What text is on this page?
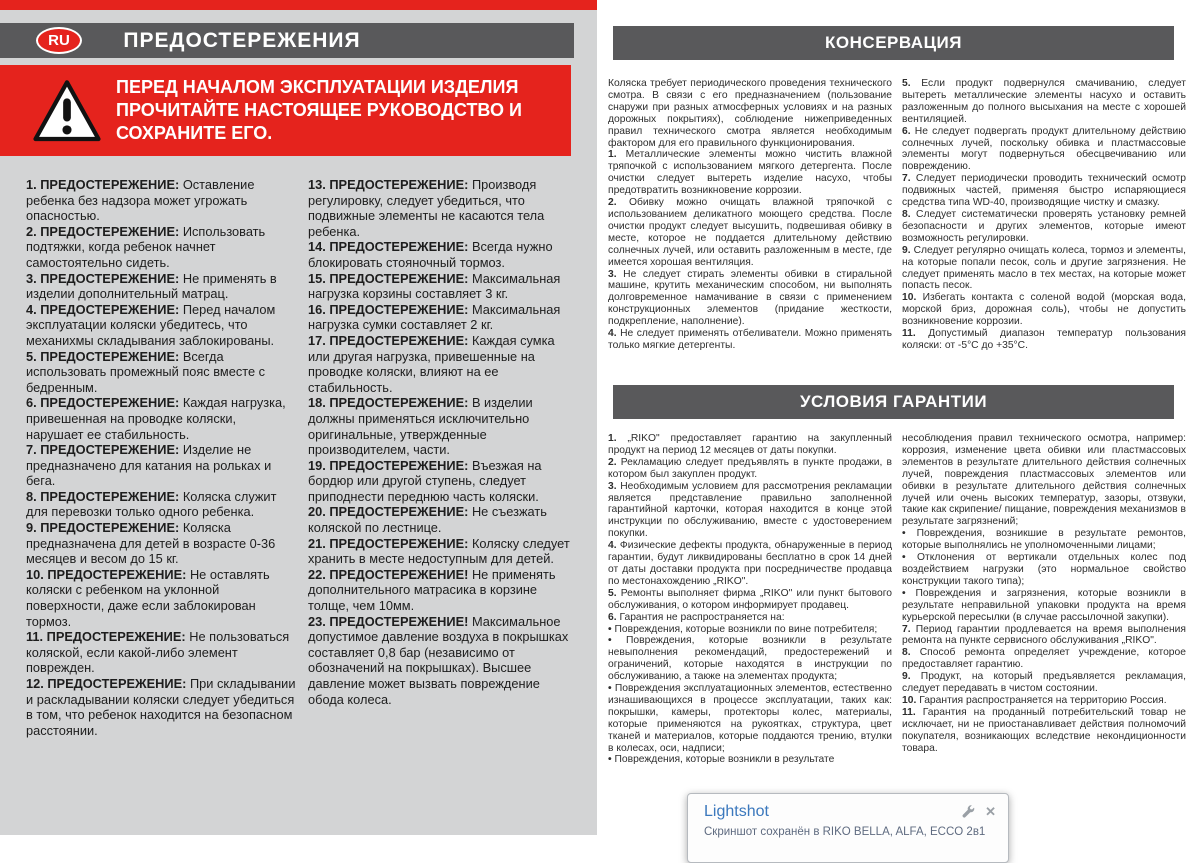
RU	ПРЕДОСТЕРЕЖЕНИЯ

ПЕРЕД НАЧАЛОМ ЭКСПЛУАТАЦИИ ИЗДЕЛИЯ ПРОЧИТАЙТЕ НАСТОЯЩЕЕ РУКОВОДСТВО И СОХРАНИТЕ ЕГО.

1. ПРЕДОСТЕРЕЖЕНИЕ: Оставление ребенка без надзора может угрожать опасностью.

2. ПРЕДОСТЕРЕЖЕНИЕ: Использовать подтяжки, когда ребенок начнет самостоятельно сидеть.

3. ПРЕДОСТЕРЕЖЕНИЕ: Не применять в изделии дополнительный матрац.

4. ПРЕДОСТЕРЕЖЕНИЕ: Перед началом эксплуатации коляски убедитесь, что механихмы складывания заблокированы.

5. ПРЕДОСТЕРЕЖЕНИЕ: Всегда использовать промежный пояс вместе с бедренным.

6. ПРЕДОСТЕРЕЖЕНИЕ: Каждая нагрузка, привешенная на проводке коляски, нарушает ее стабильность.

7. ПРЕДОСТЕРЕЖЕНИЕ: Изделие не предназначено для катания на рольках и бега.

8. ПРЕДОСТЕРЕЖЕНИЕ: Коляска служит для перевозки только одного ребенка.

9. ПРЕДОСТЕРЕЖЕНИЕ: Коляска предназначена для детей в возрасте 0-36 месяцев и весом до 15 кг.

10. ПРЕДОСТЕРЕЖЕНИЕ: Не оставлять коляски с ребенком на уклонной поверхности, даже если заблокирован тормоз.

11. ПРЕДОСТЕРЕЖЕНИЕ: Не пользоваться коляской, если какой-либо элемент поврежден.

12. ПРЕДОСТЕРЕЖЕНИЕ: При складывании и раскладывании коляски следует убедиться в том, что ребенок находится на безопасном расстоянии.

13. ПРЕДОСТЕРЕЖЕНИЕ: Производя регулировку, следует убедиться, что подвижные элементы не касаются тела ребенка.

14. ПРЕДОСТЕРЕЖЕНИЕ: Всегда нужно блокировать стояночный тормоз.

15. ПРЕДОСТЕРЕЖЕНИЕ: Максимальная нагрузка корзины составляет 3 кг.

16. ПРЕДОСТЕРЕЖЕНИЕ: Максимальная нагрузка сумки составляет 2 кг.

17. ПРЕДОСТЕРЕЖЕНИЕ: Каждая сумка или другая нагрузка, привешенные на проводке коляски, влияют на ее стабильность.

18. ПРЕДОСТЕРЕЖЕНИЕ: В изделии должны применяться исключительно оригинальные, утвержденные производителем, части.

19. ПРЕДОСТЕРЕЖЕНИЕ: Въезжая на бордюр или другой ступень, следует приподнести переднюю часть коляски.

20. ПРЕДОСТЕРЕЖЕНИЕ: Не съезжать коляской по лестнице.

21. ПРЕДОСТЕРЕЖЕНИЕ: Коляску следует хранить в месте недоступным для детей.

22. ПРЕДОСТЕРЕЖЕНИЕ! Не применять дополнительного матрасика в корзине толще, чем 10мм.

23. ПРЕДОСТЕРЕЖЕНИЕ! Максимальное допустимое давление воздуха в покрышках составляет 0,8 бар (независимо от обозначений на покрышках). Высшее давление может вызвать повреждение обода колеса.

КОНСЕРВАЦИЯ

Коляска требует периодического проведения технического смотра. В связи с его предназначением (пользование снаружи при разных атмосферных условиях и на разных дорожных покрытиях), соблюдение нижеприведенных правил технического смотра является необходимым фактором для его правильного функционирования.

1. Металлические элементы можно чистить влажной тряпочкой с использованием мягкого детергента. После очистки следует вытереть изделие насухо, чтобы предотвратить возникновение коррозии.

2. Обивку можно очищать влажной тряпочкой с использованием деликатного моющего средства. После очистки продукт следует высушить, подвешивая обивку в месте, которое не поддается длительному действию солнечных лучей, или оставить разложенным в месте, где имеется хорошая вентиляция.

3. Не следует стирать элементы обивки в стиральной машине, крутить механическим способом, ни выполнять долговременное намачивание в связи с применением конструкционных элементов (придание жесткости, подкрепление, наполнение).

4. Не следует применять отбеливатели. Можно применять только мягкие детергенты.

5. Если продукт подвернулся смачиванию, следует вытереть металлические элементы насухо и оставить разложенным до полного высыхания на месте с хорошей вентиляцией.

6. Не следует подвергать продукт длительному действию солнечных лучей, поскольку обивка и пластмассовые элементы могут подвернуться обесцвечиванию или повреждению.

7. Следует периодически проводить технический осмотр подвижных частей, применяя быстро испаряющиеся средства типа WD-40, производящие чистку и смазку.

8. Следует систематически проверять установку ремней безопасности и других элементов, которые имеют возможность регулировки.

9. Следует регулярно очищать колеса, тормоз и элементы, на которые попали песок, соль и другие загрязнения. Не следует применять масло в тех местах, на которые может попасть песок.

10. Избегать контакта с соленой водой (морская вода, морской бриз, дорожная соль), чтобы не допустить возникновение коррозии.

11. Допустимый диапазон температур пользования коляски: от -5°C до +35°C.

УСЛОВИЯ ГАРАНТИИ

1. „RIKO" предоставляет гарантию на закупленный продукт на период 12 месяцев от даты покупки.

2. Рекламацию следует предъявлять в пункте продажи, в котором был закуплен продукт.

3. Необходимым условием для рассмотрения рекламации является представление правильно заполненной гарантийной карточки, которая находится в конце этой инструкции по обслуживанию, вместе с удостоверением покупки.

4. Физические дефекты продукта, обнаруженные в период гарантии, будут ликвидированы бесплатно в срок 14 дней от даты доставки продукта при посредничестве продавца по местонахождению „RIKO".

5. Ремонты выполняет фирма „RIKO" или пункт бытового обслуживания, о котором информирует продавец.

6. Гарантия не распространяется на:

• Повреждения, которые возникли по вине потребителя;

• Повреждения, которые возникли в результате невыполнения рекомендаций, предостережений и ограничений, которые находятся в инструкции по обслуживанию, а также на элементах продукта;

• Повреждения эксплуатационных элементов, естественно изнашивающихся в процессе эксплуатации, таких как: покрышки, камеры, протекторы колес, материалы, которые применяются на рукоятках, структура, цвет тканей и материалов, которые поддаются трению, втулки в колесах, оси, надписи;

• Повреждения, которые возникли в результате

несоблюдения правил технического осмотра, например: коррозия, изменение цвета обивки или пластмассовых элементов в результате длительного действия солнечных лучей, повреждения пластмассовых элементов или обивки в результате длительного действия солнечных лучей или очень высоких температур, зазоры, отзвуки, такие как скрипение/ пищание, повреждения механизмов в результате загрязнений;

• Повреждения, возникшие в результате ремонтов, которые выполнялись не уполномоченными лицами;

• Отклонения от вертикали отдельных колес под воздействием нагрузки (это нормальное свойство конструкции такого типа);

• Повреждения и загрязнения, которые возникли в результате неправильной упаковки продукта на время курьерской пересылки (в случае рассылочной закупки).

7. Период гарантии продлевается на время выполнения ремонта на пункте сервисного обслуживания „RIKO".

8. Способ ремонта определяет учреждение, которое предоставляет гарантию.

9. Продукт, на который предъявляется рекламация, следует передавать в чистом состоянии.

10. Гарантия распространяется на территорию Россия.

11. Гарантия на проданный потребительский товар не исключает, ни не приостанавливает действия полномочий покупателя, возникающих вследствие некондиционности товара.

Lightshot	✕
Скриншот сохранён в RIKO BELLA, ALFA, ECCO 2в1
